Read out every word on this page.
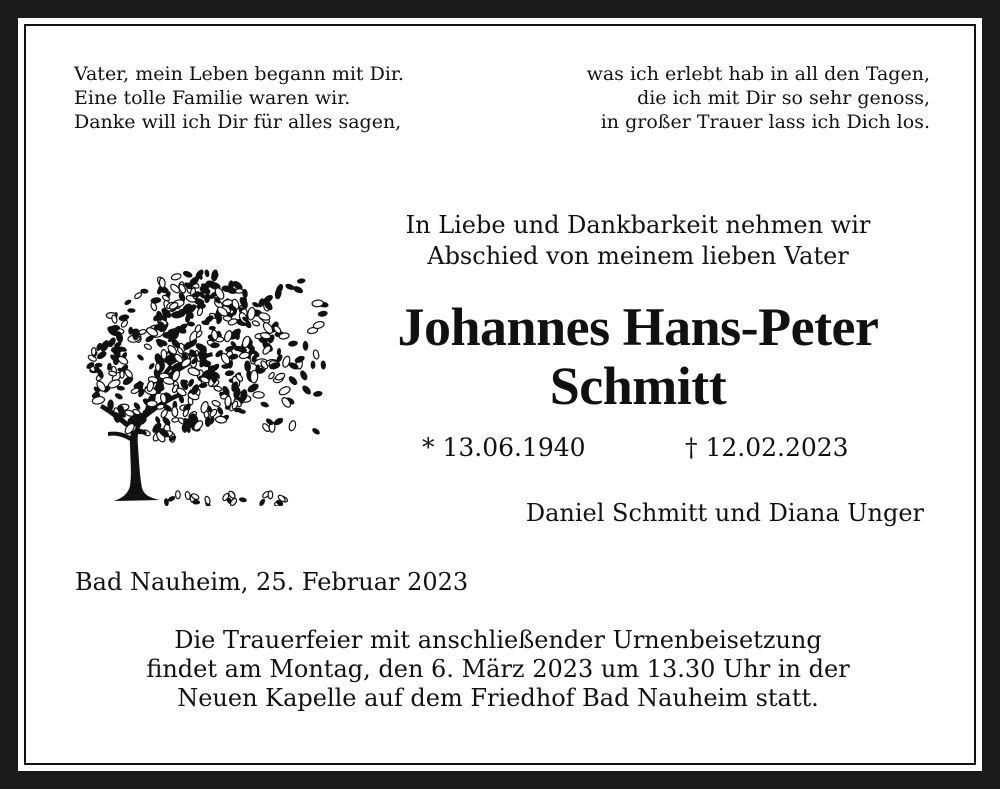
Vater, mein Leben begann mit Dir.
Eine tolle Familie waren wir.
Danke will ich Dir für alles sagen,
was ich erlebt hab in all den Tagen,
die ich mit Dir so sehr genoss,
in großer Trauer lass ich Dich los.
In Liebe und Dankbarkeit nehmen wir
Abschied von meinem lieben Vater
Johannes Hans-Peter
Schmitt
* 13.06.1940	† 12.02.2023
Daniel Schmitt und Diana Unger
Bad Nauheim, 25. Februar 2023
Die Trauerfeier mit anschließender Urnenbeisetzung
findet am Montag, den 6. März 2023 um 13.30 Uhr in der
Neuen Kapelle auf dem Friedhof Bad Nauheim statt.
